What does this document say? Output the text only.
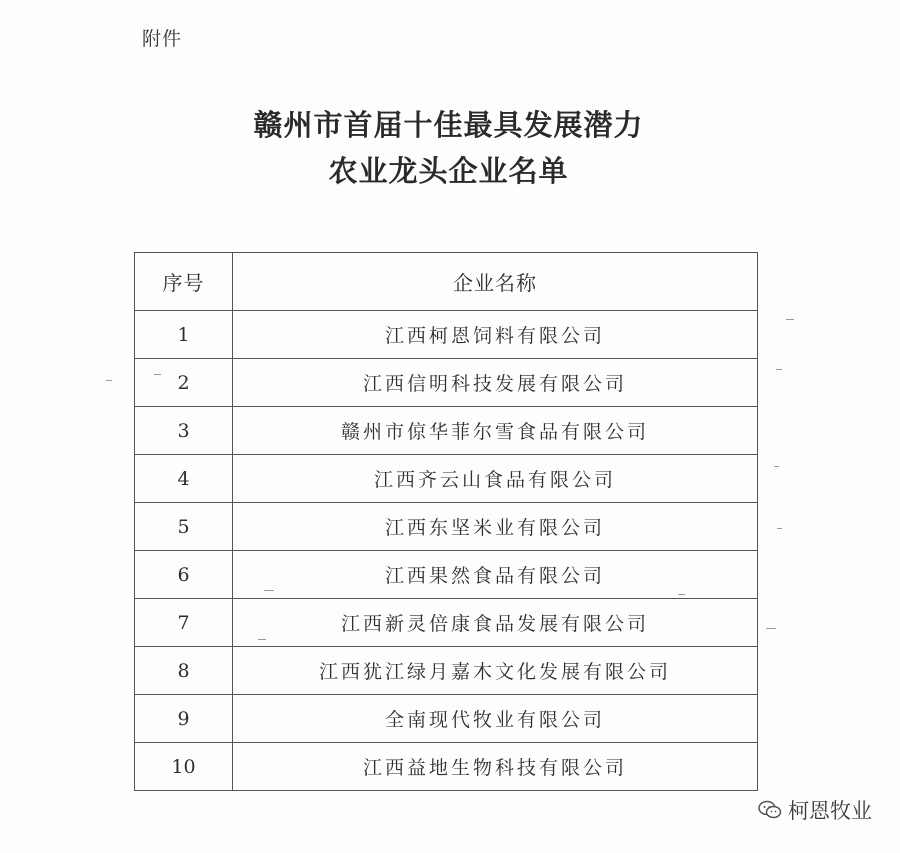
附件
赣州市首届十佳最具发展潜力
农业龙头企业名单
序号	企业名称
1	江西柯恩饲料有限公司
2	江西信明科技发展有限公司
3	赣州市倞华菲尔雪食品有限公司
4	江西齐云山食品有限公司
5	江西东坚米业有限公司
6	江西果然食品有限公司
7	江西新灵倍康食品发展有限公司
8	江西犹江绿月嘉木文化发展有限公司
9	全南现代牧业有限公司
10	江西益地生物科技有限公司
柯恩牧业
